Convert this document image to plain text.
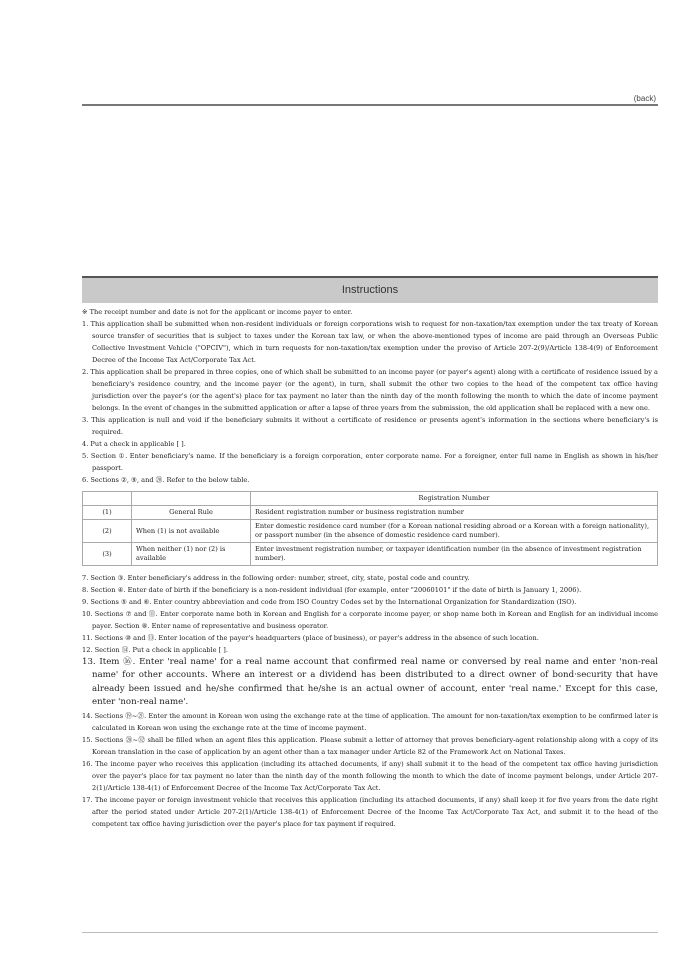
(back)
Instructions
※ The receipt number and date is not for the applicant or income payer to enter.
1. This application shall be submitted when non-resident individuals or foreign corporations wish to request for non-taxation/tax exemption under the tax treaty of Korean source transfer of securities that is subject to taxes under the Korean tax law, or when the above-mentioned types of income are paid through an Overseas Public Collective Investment Vehicle ("OPCIV"), which in turn requests for non-taxation/tax exemption under the proviso of Article 207-2(9)/Article 138-4(9) of Enforcement Decree of the Income Tax Act/Corporate Tax Act.
2. This application shall be prepared in three copies, one of which shall be submitted to an income payer (or payer's agent) along with a certificate of residence issued by a beneficiary's residence country, and the income payer (or the agent), in turn, shall submit the other two copies to the head of the competent tax office having jurisdiction over the payer's (or the agent's) place for tax payment no later than the ninth day of the month following the month to which the date of income payment belongs. In the event of changes in the submitted application or after a lapse of three years from the submission, the old application shall be replaced with a new one.
3. This application is null and void if the beneficiary submits it without a certificate of residence or presents agent's information in the sections where beneficiary's is required.
4. Put a check in applicable [ ].
5. Section ①. Enter beneficiary's name. If the beneficiary is a foreign corporation, enter corporate name. For a foreigner, enter full name in English as shown in his/her passport.
6. Sections ②, ⑨, and ⑳. Refer to the below table.
		Registration Number
(1)	General Rule	Resident registration number or business registration number
(2)	When (1) is not available	Enter domestic residence card number (for a Korean national residing abroad or a Korean with a foreign nationality), or passport number (in the absence of domestic residence card number).
(3)	When neither (1) nor (2) is available	Enter investment registration number, or taxpayer identification number (in the absence of investment registration number).
7. Section ③. Enter beneficiary's address in the following order: number, street, city, state, postal code and country.
8. Section ④. Enter date of birth if the beneficiary is a non-resident individual (for example, enter "20060101" if the date of birth is January 1, 2006).
9. Sections ⑤ and ⑥. Enter country abbreviation and code from ISO Country Codes set by the International Organization for Standardization (ISO).
10. Sections ⑦ and ⑪. Enter corporate name both in Korean and English for a corporate income payer, or shop name both in Korean and English for an individual income payer. Section ⑧. Enter name of representative and business operator.
11. Sections ⑩ and ⑬. Enter location of the payer's headquarters (place of business), or payer's address in the absence of such location.
12. Section ⑭. Put a check in applicable [ ].
13. Item ⑯. Enter 'real name' for a real name account that confirmed real name or conversed by real name and enter 'non-real name' for other accounts. Where an interest or a dividend has been distributed to a direct owner of bond·security that have already been issued and he/she confirmed that he/she is an actual owner of account, enter 'real name.' Except for this case, enter 'non-real name'.
14. Sections ⑲~㉑. Enter the amount in Korean won using the exchange rate at the time of application. The amount for non-taxation/tax exemption to be confirmed later is calculated in Korean won using the exchange rate at the time of income payment.
15. Sections ㉘~㉜ shall be filled when an agent files this application. Please submit a letter of attorney that proves beneficiary-agent relationship along with a copy of its Korean translation in the case of application by an agent other than a tax manager under Article 82 of the Framework Act on National Taxes.
16. The income payer who receives this application (including its attached documents, if any) shall submit it to the head of the competent tax office having jurisdiction over the payer's place for tax payment no later than the ninth day of the month following the month to which the date of income payment belongs, under Article 207-2(1)/Article 138-4(1) of Enforcement Decree of the Income Tax Act/Corporate Tax Act.
17. The income payer or foreign investment vehicle that receives this application (including its attached documents, if any) shall keep it for five years from the date right after the period stated under Article 207-2(1)/Article 138-4(1) of Enforcement Decree of the Income Tax Act/Corporate Tax Act, and submit it to the head of the competent tax office having jurisdiction over the payer's place for tax payment if required.
